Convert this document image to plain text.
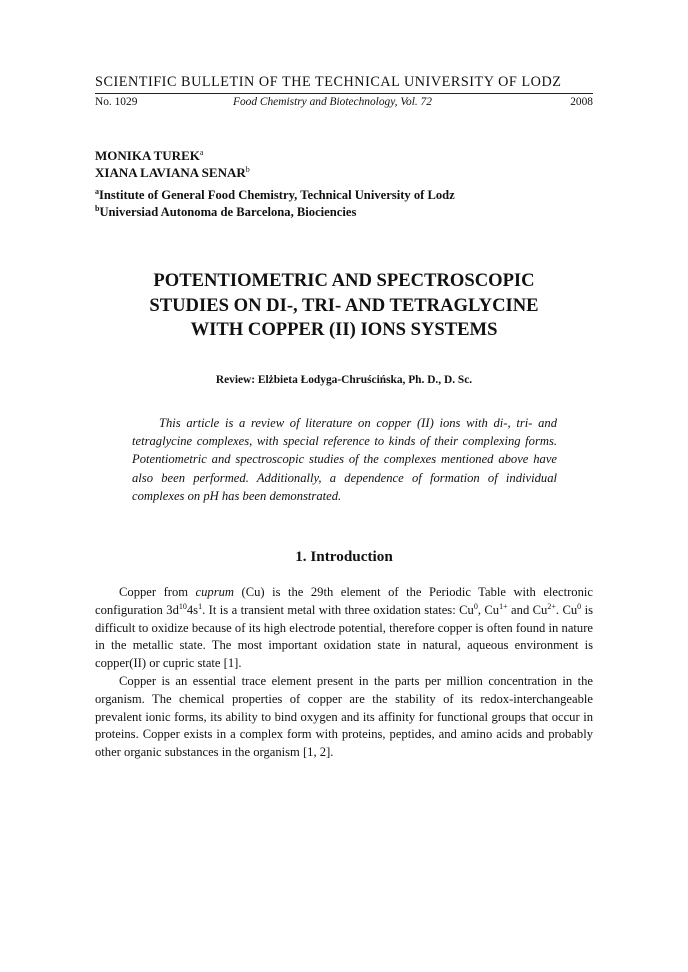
SCIENTIFIC BULLETIN OF THE TECHNICAL UNIVERSITY OF LODZ
No. 1029	Food Chemistry and Biotechnology, Vol. 72	2008
MONIKA TUREK$^a$
XIANA LAVIANA SENAR$^b$
$^a$Institute of General Food Chemistry, Technical University of Lodz
$^b$Universiad Autonoma de Barcelona, Biociencies
POTENTIOMETRIC AND SPECTROSCOPIC
STUDIES ON DI-, TRI- AND TETRAGLYCINE
WITH COPPER (II) IONS SYSTEMS
Review: Elżbieta Łodyga-Chruścińska, Ph. D., D. Sc.
This article is a review of literature on copper (II) ions with di-, tri- and tetraglycine complexes, with special reference to kinds of their complexing forms. Potentiometric and spectroscopic studies of the complexes mentioned above have also been performed. Additionally, a dependence of formation of individual complexes on pH has been demonstrated.
1. Introduction
Copper from cuprum (Cu) is the 29th element of the Periodic Table with electronic configuration $3d^{10}4s^1$. It is a transient metal with three oxidation states: Cu$^0$, $Cu^{1+}$ and $Cu^{2+}$. Cu$^0$ is difficult to oxidize because of its high electrode potential, therefore copper is often found in nature in the metallic state. The most important oxidation state in natural, aqueous environment is copper(II) or cupric state [1].
Copper is an essential trace element present in the parts per million concentration in the organism. The chemical properties of copper are the stability of its redox-interchangeable prevalent ionic forms, its ability to bind oxygen and its affinity for functional groups that occur in proteins. Copper exists in a complex form with proteins, peptides, and amino acids and probably other organic substances in the organism [1, 2].
